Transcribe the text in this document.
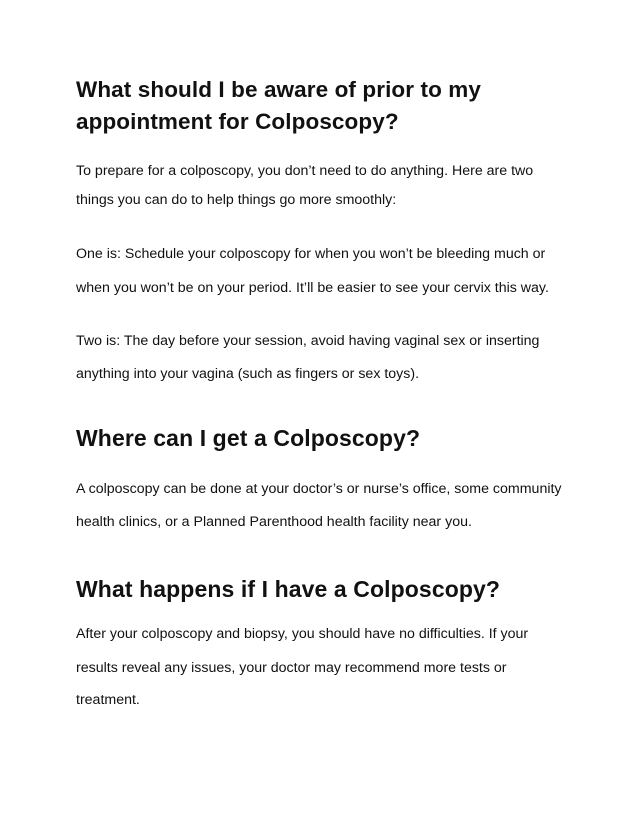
What should I be aware of prior to my
appointment for Colposcopy?
To prepare for a colposcopy, you don’t need to do anything. Here are two
things you can do to help things go more smoothly:
One is: Schedule your colposcopy for when you won’t be bleeding much or
when you won’t be on your period. It’ll be easier to see your cervix this way.
Two is: The day before your session, avoid having vaginal sex or inserting
anything into your vagina (such as fingers or sex toys).
Where can I get a Colposcopy?
A colposcopy can be done at your doctor’s or nurse’s office, some community
health clinics, or a Planned Parenthood health facility near you.
What happens if I have a Colposcopy?
After your colposcopy and biopsy, you should have no difficulties. If your
results reveal any issues, your doctor may recommend more tests or
treatment.
